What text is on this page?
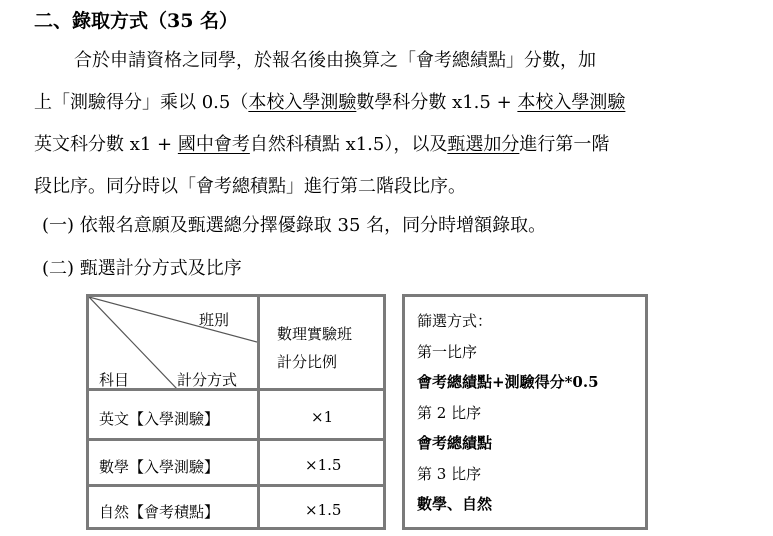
二、錄取方式（35 名）
合於申請資格之同學，於報名後由換算之「會考總績點」分數，加
上「測驗得分」乘以 0.5（本校入學測驗數學科分數 x1.5 + 本校入學測驗
英文科分數 x1 + 國中會考自然科積點 x1.5），以及甄選加分進行第一階
段比序。同分時以「會考總積點」進行第二階段比序。
(一) 依報名意願及甄選總分擇優錄取 35 名，同分時增額錄取。
(二) 甄選計分方式及比序
班別
科目	計分方式
數理實驗班
計分比例
英文【入學測驗】	×1
數學【入學測驗】	×1.5
自然【會考積點】	×1.5
篩選方式：
第一比序
會考總績點+測驗得分*0.5
第 2 比序
會考總績點
第 3 比序
數學、自然
